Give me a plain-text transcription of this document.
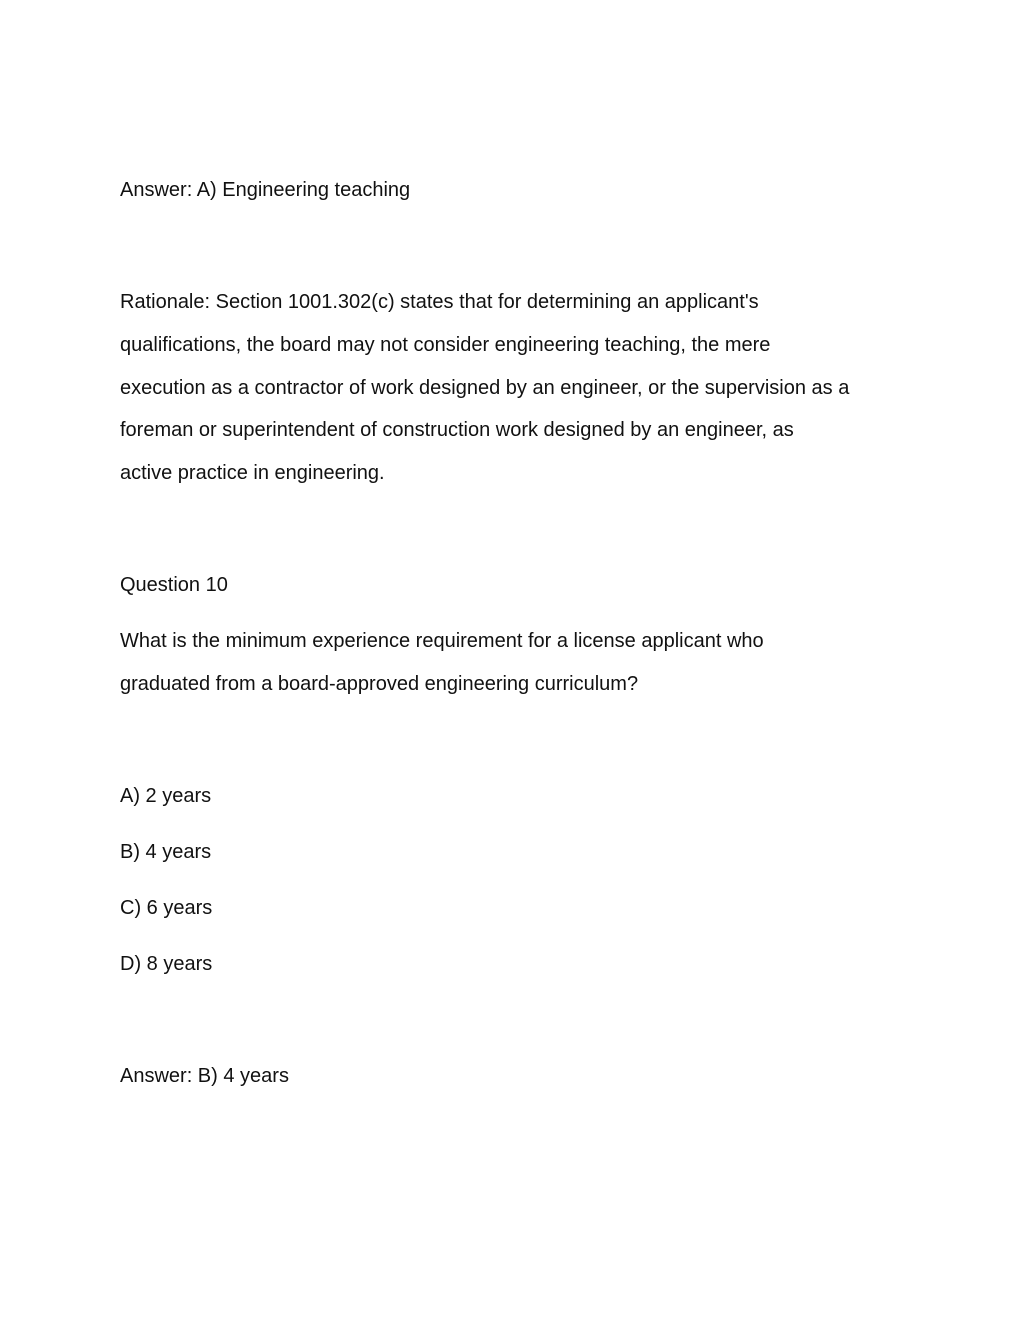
Answer: A) Engineering teaching

Rationale: Section 1001.302(c) states that for determining an applicant's

qualifications, the board may not consider engineering teaching, the mere

execution as a contractor of work designed by an engineer, or the supervision as a

foreman or superintendent of construction work designed by an engineer, as

active practice in engineering.

Question 10

What is the minimum experience requirement for a license applicant who

graduated from a board-approved engineering curriculum?

A) 2 years

B) 4 years

C) 6 years

D) 8 years

Answer: B) 4 years
